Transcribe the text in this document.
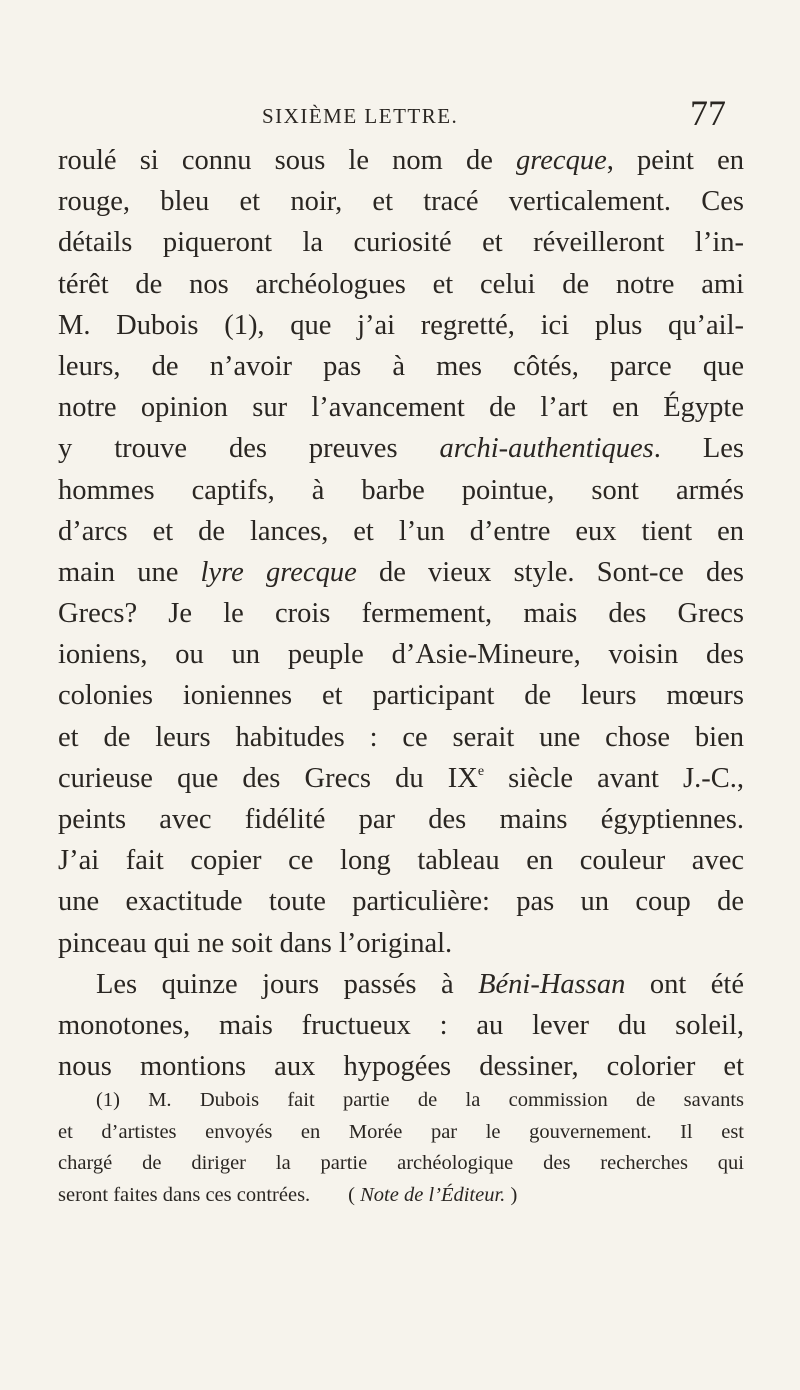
SIXIÈME LETTRE.	77
roulé si connu sous le nom de grecque, peint en
rouge, bleu et noir, et tracé verticalement. Ces
détails piqueront la curiosité et réveilleront l’in-
térêt de nos archéologues et celui de notre ami
M. Dubois (1), que j’ai regretté, ici plus qu’ail-
leurs, de n’avoir pas à mes côtés, parce que
notre opinion sur l’avancement de l’art en Égypte
y trouve des preuves archi-authentiques. Les
hommes captifs, à barbe pointue, sont armés
d’arcs et de lances, et l’un d’entre eux tient en
main une lyre grecque de vieux style. Sont-ce des
Grecs? Je le crois fermement, mais des Grecs
ioniens, ou un peuple d’Asie-Mineure, voisin des
colonies ioniennes et participant de leurs mœurs
et de leurs habitudes : ce serait une chose bien
curieuse que des Grecs du IXe siècle avant J.-C.,
peints avec fidélité par des mains égyptiennes.
J’ai fait copier ce long tableau en couleur avec
une exactitude toute particulière: pas un coup de
pinceau qui ne soit dans l’original.
Les quinze jours passés à Béni-Hassan ont été
monotones, mais fructueux : au lever du soleil,
nous montions aux hypogées dessiner, colorier et
(1) M. Dubois fait partie de la commission de savants
et d’artistes envoyés en Morée par le gouvernement. Il est
chargé de diriger la partie archéologique des recherches qui
seront faites dans ces contrées. ( Note de l’Éditeur. )
